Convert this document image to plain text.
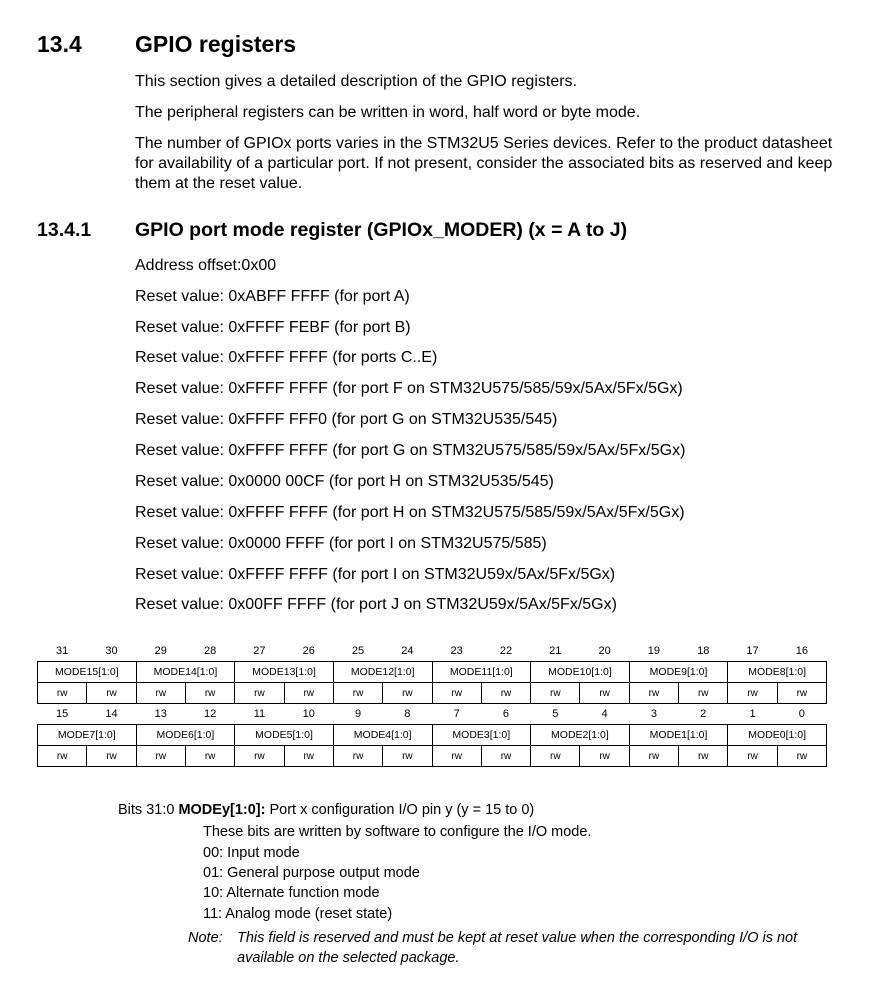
13.4 GPIO registers
This section gives a detailed description of the GPIO registers.
The peripheral registers can be written in word, half word or byte mode.
The number of GPIOx ports varies in the STM32U5 Series devices. Refer to the product datasheet for availability of a particular port. If not present, consider the associated bits as reserved and keep them at the reset value.
13.4.1 GPIO port mode register (GPIOx_MODER) (x = A to J)
Address offset:0x00
Reset value: 0xABFF FFFF (for port A)
Reset value: 0xFFFF FEBF (for port B)
Reset value: 0xFFFF FFFF (for ports C..E)
Reset value: 0xFFFF FFFF (for port F on STM32U575/585/59x/5Ax/5Fx/5Gx)
Reset value: 0xFFFF FFF0 (for port G on STM32U535/545)
Reset value: 0xFFFF FFFF (for port G on STM32U575/585/59x/5Ax/5Fx/5Gx)
Reset value: 0x0000 00CF (for port H on STM32U535/545)
Reset value: 0xFFFF FFFF (for port H on STM32U575/585/59x/5Ax/5Fx/5Gx)
Reset value: 0x0000 FFFF (for port I on STM32U575/585)
Reset value: 0xFFFF FFFF (for port I on STM32U59x/5Ax/5Fx/5Gx)
Reset value: 0x00FF FFFF (for port J on STM32U59x/5Ax/5Fx/5Gx)
31	30	29	28	27	26	25	24	23	22	21	20	19	18	17	16
MODE15[1:0]		MODE14[1:0]		MODE13[1:0]		MODE12[1:0]		MODE11[1:0]		MODE10[1:0]		MODE9[1:0]		MODE8[1:0]	
rw	rw	rw	rw	rw	rw	rw	rw	rw	rw	rw	rw	rw	rw	rw	rw
15	14	13	12	11	10	9	8	7	6	5	4	3	2	1	0
MODE7[1:0]		MODE6[1:0]		MODE5[1:0]		MODE4[1:0]		MODE3[1:0]		MODE2[1:0]		MODE1[1:0]		MODE0[1:0]	
rw	rw	rw	rw	rw	rw	rw	rw	rw	rw	rw	rw	rw	rw	rw	rw
Bits 31:0 MODEy[1:0]: Port x configuration I/O pin y (y = 15 to 0)
These bits are written by software to configure the I/O mode.
00: Input mode
01: General purpose output mode
10: Alternate function mode
11: Analog mode (reset state)
Note: This field is reserved and must be kept at reset value when the corresponding I/O is not available on the selected package.
